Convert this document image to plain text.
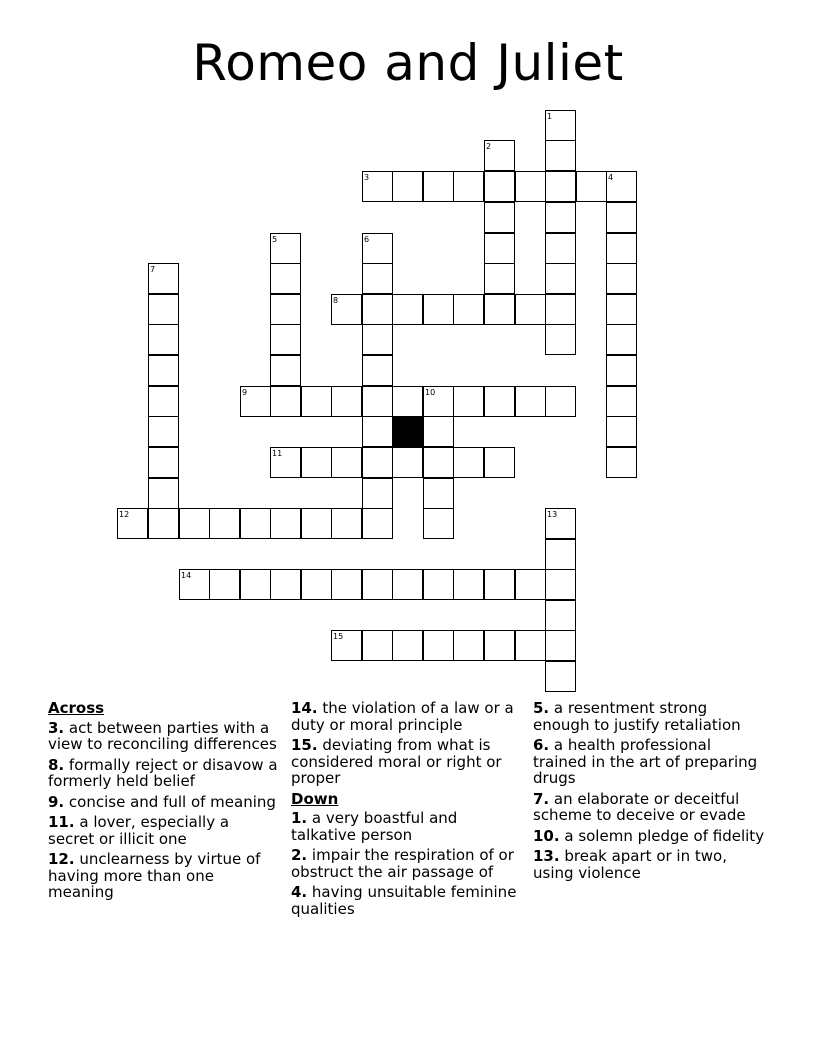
Romeo and Juliet
1
2
3	4
5	6
7
8
9	10
11
12	13
14
15
Across
3. act between parties with a view to reconciling differences
8. formally reject or disavow a formerly held belief
9. concise and full of meaning
11. a lover, especially a secret or illicit one
12. unclearness by virtue of having more than one meaning
14. the violation of a law or a duty or moral principle
15. deviating from what is considered moral or right or proper
Down
1. a very boastful and talkative person
2. impair the respiration of or obstruct the air passage of
4. having unsuitable feminine qualities
5. a resentment strong enough to justify retaliation
6. a health professional trained in the art of preparing drugs
7. an elaborate or deceitful scheme to deceive or evade
10. a solemn pledge of fidelity
13. break apart or in two, using violence
